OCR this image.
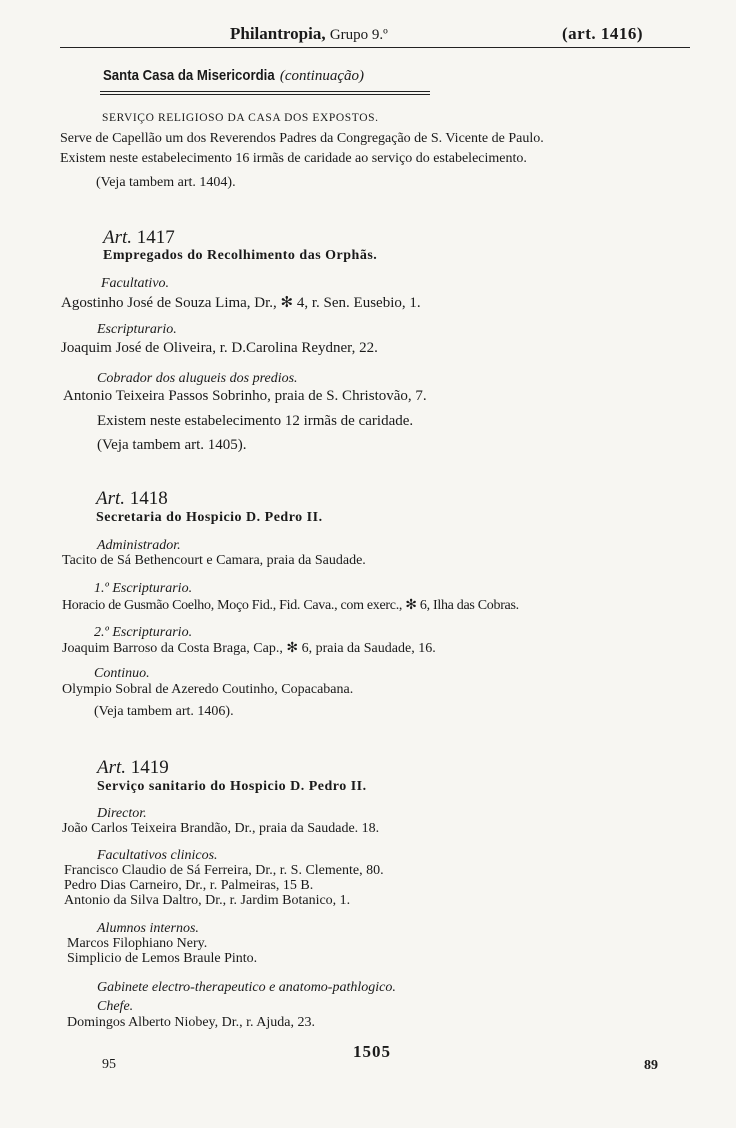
Philantropia, Grupo 9.º	(art. 1416)
Santa Casa da Misericordia (continuação)
SERVIÇO RELIGIOSO DA CASA DOS EXPOSTOS.
Serve de Capellão um dos Reverendos Padres da Congregação de S. Vicente de Paulo.
Existem neste estabelecimento 16 irmãs de caridade ao serviço do estabelecimento.
(Veja tambem art. 1404).
Art. 1417
Empregados do Recolhimento das Orphãs.
Facultativo.
Agostinho José de Souza Lima, Dr., ✻ 4, r. Sen. Eusebio, 1.
Escripturario.
Joaquim José de Oliveira, r. D.Carolina Reydner, 22.
Cobrador dos alugueis dos predios.
Antonio Teixeira Passos Sobrinho, praia de S. Christovão, 7.
Existem neste estabelecimento 12 irmãs de caridade.
(Veja tambem art. 1405).
Art. 1418
Secretaria do Hospicio D. Pedro II.
Administrador.
Tacito de Sá Bethencourt e Camara, praia da Saudade.
1.º Escripturario.
Horacio de Gusmão Coelho, Moço Fid., Fid. Cava., com exerc., ✻ 6, Ilha das Cobras.
2.º Escripturario.
Joaquim Barroso da Costa Braga, Cap., ✻ 6, praia da Saudade, 16.
Continuo.
Olympio Sobral de Azeredo Coutinho, Copacabana.
(Veja tambem art. 1406).
Art. 1419
Serviço sanitario do Hospicio D. Pedro II.
Director.
João Carlos Teixeira Brandão, Dr., praia da Saudade. 18.
Facultativos clinicos.
Francisco Claudio de Sá Ferreira, Dr., r. S. Clemente, 80.
Pedro Dias Carneiro, Dr., r. Palmeiras, 15 B.
Antonio da Silva Daltro, Dr., r. Jardim Botanico, 1.
Alumnos internos.
Marcos Filophiano Nery.
Simplicio de Lemos Braule Pinto.
Gabinete electro-therapeutico e anatomo-pathlogico.
Chefe.
Domingos Alberto Niobey, Dr., r. Ajuda, 23.
95
1505
89
